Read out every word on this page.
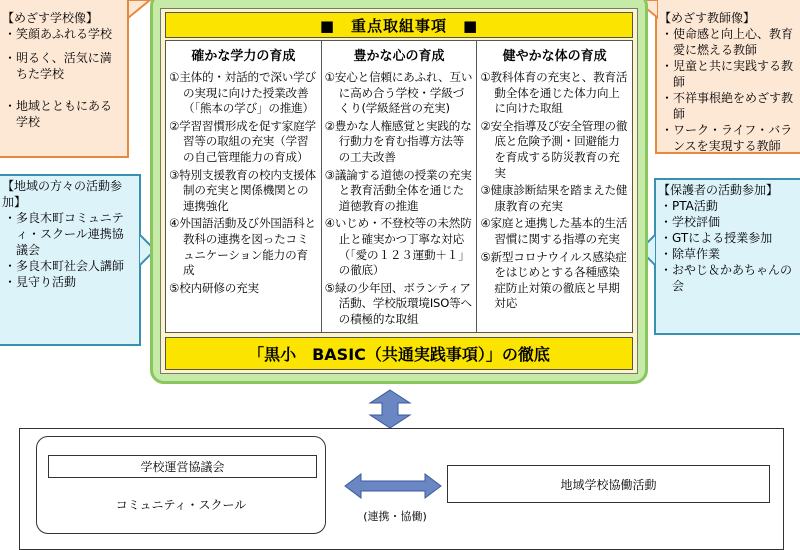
【めざす学校像】
・ 笑顔あふれる学校
・ 明るく、活気に満ちた学校
・ 地域とともにある学校
【めざす教師像】
・ 使命感と向上心、教育愛に燃える教師
・ 児童と共に実践する教師
・ 不祥事根絶をめざす教師
・ ワーク・ライフ・バランスを実現する教師
【地域の方々の活動参加】
・ 多良木町コミュニティ・スクール連携協議会
・ 多良木町社会人講師
・ 見守り活動
【保護者の活動参加】
・ PTA活動
・ 学校評価
・ GTによる授業参加
・ 除草作業
・ おやじ＆かあちゃんの会
■　重点取組事項　■
確かな学力の育成
①主体的・対話的で深い学びの実現に向けた授業改善（「熊本の学び」の推進）
②学習習慣形成を促す家庭学習等の取組の充実（学習の自己管理能力の育成）
③特別支援教育の校内支援体制の充実と関係機関との連携強化
④外国語活動及び外国語科と教科の連携を図ったコミュニケーション能力の育成
⑤校内研修の充実
豊かな心の育成
①安心と信頼にあふれ、互いに高め合う学校・学級づくり(学級経営の充実)
②豊かな人権感覚と実践的な行動力を育む指導方法等の工夫改善
③議論する道徳の授業の充実と教育活動全体を通じた道徳教育の推進
④いじめ・不登校等の未然防止と確実かつ丁寧な対応（「愛の１２３運動＋１」の徹底）
⑤緑の少年団、ボランティア活動、学校版環境ISO等への積極的な取組
健やかな体の育成
①教科体育の充実と、教育活動全体を通じた体力向上に向けた取組
②安全指導及び安全管理の徹底と危険予測・回避能力を育成する防災教育の充実
③健康診断結果を踏まえた健康教育の充実
④家庭と連携した基本的生活習慣に関する指導の充実
⑤新型コロナウイルス感染症をはじめとする各種感染症防止対策の徹底と早期対応
「黒小　BASIC（共通実践事項）」の徹底
学校運営協議会
コミュニティ・スクール
地域学校協働活動
(連携・協働)
